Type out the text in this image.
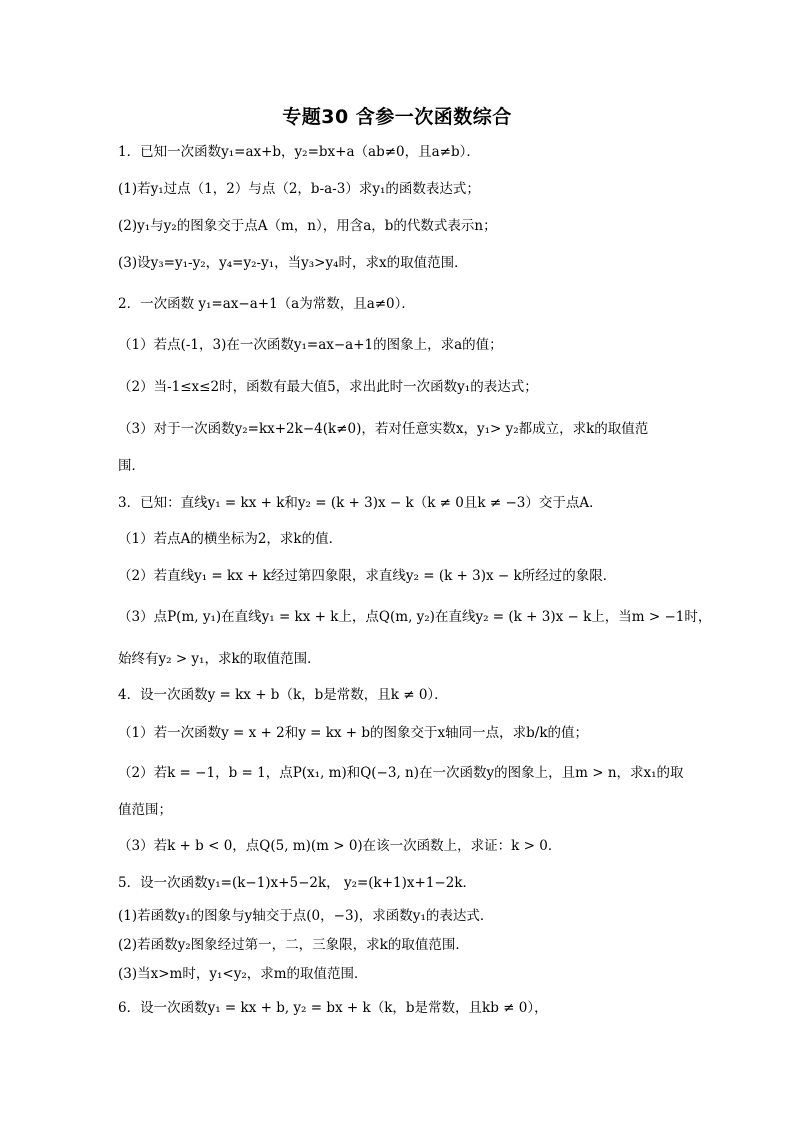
专题30 含参一次函数综合
1．已知一次函数y₁=ax+b，y₂=bx+a（ab≠0，且a≠b）．
(1)若y₁过点（1，2）与点（2，b-a-3）求y₁的函数表达式；
(2)y₁与y₂的图象交于点A（m，n），用含a，b的代数式表示n；
(3)设y₃=y₁-y₂，y₄=y₂-y₁，当y₃>y₄时，求x的取值范围．
2．一次函数 y₁=ax−a+1（a为常数，且a≠0）．
（1）若点(-1，3)在一次函数y₁=ax−a+1的图象上，求a的值；
（2）当-1≤x≤2时，函数有最大值5，求出此时一次函数y₁的表达式；
（3）对于一次函数y₂=kx+2k−4(k≠0)，若对任意实数x，y₁> y₂都成立，求k的取值范
围．
3．已知：直线y₁ = kx + k和y₂ = (k + 3)x − k（k ≠ 0且k ≠ −3）交于点A．
（1）若点A的横坐标为2，求k的值．
（2）若直线y₁ = kx + k经过第四象限，求直线y₂ = (k + 3)x − k所经过的象限．
（3）点P(m, y₁)在直线y₁ = kx + k上，点Q(m, y₂)在直线y₂ = (k + 3)x − k上，当m > −1时，
始终有y₂ > y₁，求k的取值范围．
4．设一次函数y = kx + b（k，b是常数，且k ≠ 0）．
（1）若一次函数y = x + 2和y = kx + b的图象交于x轴同一点，求b/k的值；
（2）若k = −1，b = 1，点P(x₁, m)和Q(−3, n)在一次函数y的图象上，且m > n，求x₁的取
值范围；
（3）若k + b < 0，点Q(5, m)(m > 0)在该一次函数上，求证：k > 0．
5．设一次函数y₁=(k−1)x+5−2k， y₂=(k+1)x+1−2k．
(1)若函数y₁的图象与y轴交于点(0，−3)，求函数y₁的表达式．
(2)若函数y₂图象经过第一，二，三象限，求k的取值范围．
(3)当x>m时，y₁<y₂，求m的取值范围．
6．设一次函数y₁ = kx + b, y₂ = bx + k（k，b是常数，且kb ≠ 0），
